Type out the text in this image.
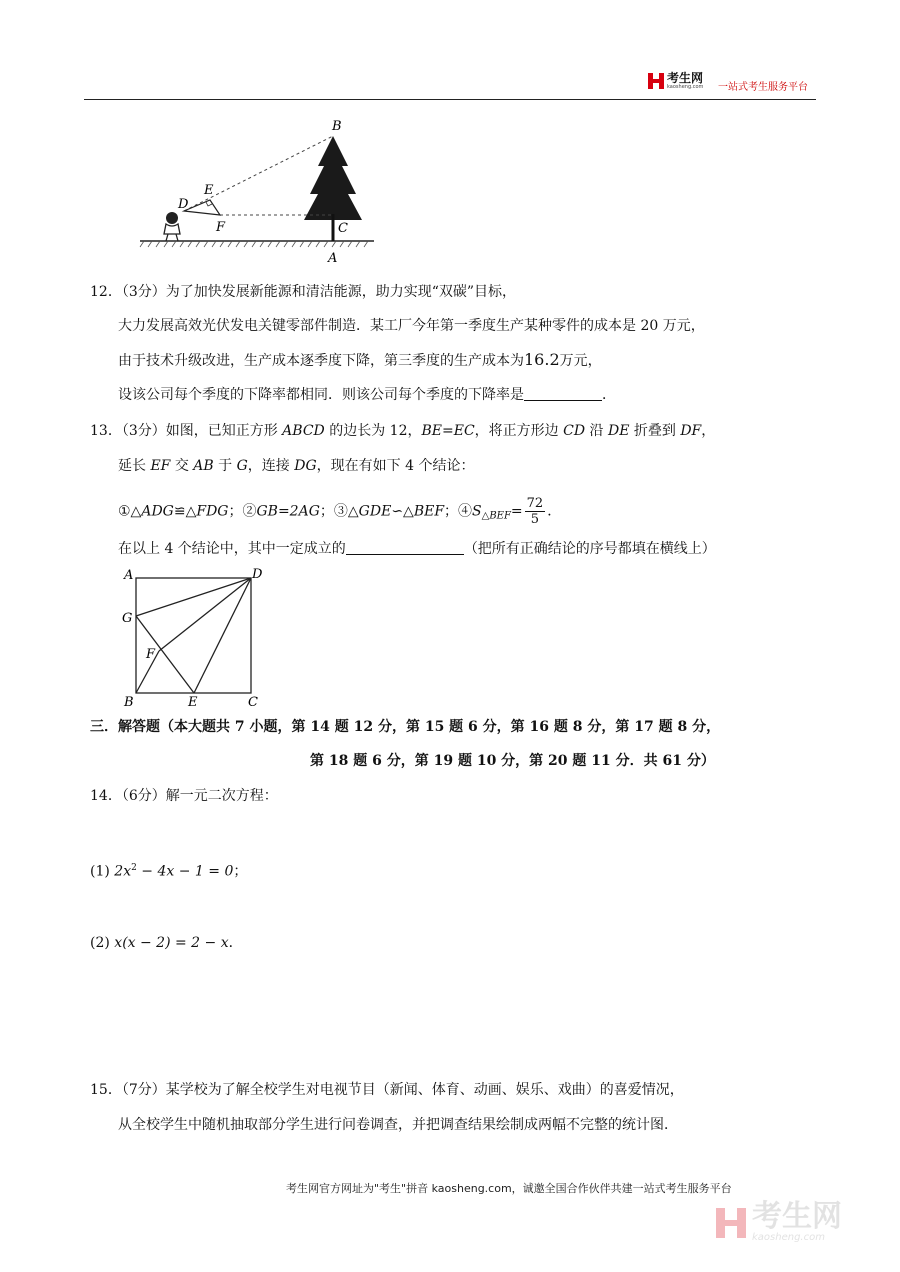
考生网
kaosheng.com 一站式考生服务平台
B
E
D
F	C
A
12．（3分）为了加快发展新能源和清洁能源，助力实现“双碳”目标，
大力发展高效光伏发电关键零部件制造．某工厂今年第一季度生产某种零件的成本是 20 万元，
由于技术升级改进，生产成本逐季度下降，第三季度的生产成本为16.2万元，
设该公司每个季度的下降率都相同．则该公司每个季度的下降率是	．
13．（3分）如图，已知正方形 ABCD 的边长为 12，BE=EC，将正方形边 CD 沿 DE 折叠到 DF，
延长 EF 交 AB 于 G，连接 DG，现在有如下 4 个结论：
①△ADG≌△FDG；②GB=2AG；③△GDE∽△BEF；$④S_{\triangle BEF}= \frac{72}{5}$ ．
在以上 4 个结论中，其中一定成立的	（把所有正确结论的序号都填在横线上）
A	D
G
F
B	E	C
三．解答题（本大题共 7 小题，第 14 题 12 分，第 15 题 6 分，第 16 题 8 分，第 17 题 8 分，
第 18 题 6 分，第 19 题 10 分，第 20 题 11 分．共 61 分）
14．（6分）解一元二次方程：
(1) $2x^2 - 4x - 1 = 0$；
(2) x(x − 2) = 2 − x．
15．（7分）某学校为了解全校学生对电视节目（新闻、体育、动画、娱乐、戏曲）的喜爱情况，
从全校学生中随机抽取部分学生进行问卷调查，并把调查结果绘制成两幅不完整的统计图．
考生网官方网址为"考生"拼音 kaosheng.com，诚邀全国合作伙伴共建一站式考生服务平台
考生网
kaosheng.com
